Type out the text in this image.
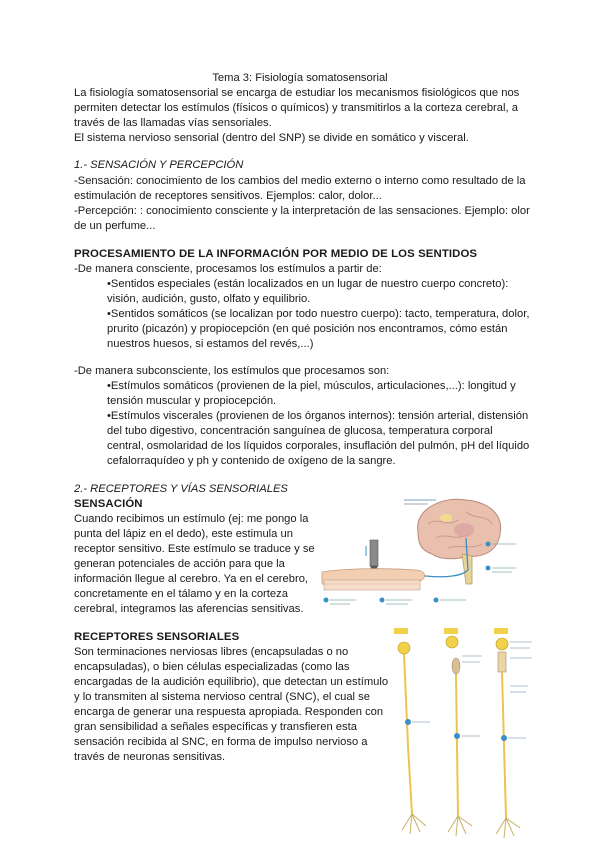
Tema 3: Fisiología somatosensorial
La fisiología somatosensorial se encarga de estudiar los mecanismos fisiológicos que nos
permiten detectar los estímulos (físicos o químicos) y transmitirlos a la corteza cerebral, a
través de las llamadas vías sensoriales.
El sistema nervioso sensorial (dentro del SNP) se divide en somático y visceral.
1.- SENSACIÓN Y PERCEPCIÓN
-Sensación: conocimiento de los cambios del medio externo o interno como resultado de la
estimulación de receptores sensitivos. Ejemplos: calor, dolor...
-Percepción: : conocimiento consciente y la interpretación de las sensaciones. Ejemplo: olor
de un perfume...
PROCESAMIENTO DE LA INFORMACIÓN POR MEDIO DE LOS SENTIDOS
-De manera consciente, procesamos los estímulos a partir de:
•Sentidos especiales (están localizados en un lugar de nuestro cuerpo concreto):
visión, audición, gusto, olfato y equilibrio.
•Sentidos somáticos (se localizan por todo nuestro cuerpo): tacto, temperatura, dolor,
prurito (picazón) y propiocepción (en qué posición nos encontramos, cómo están
nuestros huesos, si estamos del revés,...)
-De manera subconsciente, los estímulos que procesamos son:
•Estímulos somáticos (provienen de la piel, músculos, articulaciones,...): longitud y
tensión muscular y propiocepción.
•Estímulos viscerales (provienen de los órganos internos): tensión arterial, distensión
del tubo digestivo, concentración sanguínea de glucosa, temperatura corporal
central, osmolaridad de los líquidos corporales, insuflación del pulmón, pH del líquido
cefalorraquídeo y ph y contenido de oxígeno de la sangre.
2.- RECEPTORES Y VÍAS SENSORIALES
SENSACIÓN
Cuando recibimos un estímulo (ej: me pongo la
punta del lápiz en el dedo), este estimula un
receptor sensitivo. Este estímulo se traduce y se
generan potenciales de acción para que la
información llegue al cerebro. Ya en el cerebro,
concretamente en el tálamo y en la corteza
cerebral, integramos las aferencias sensitivas.
RECEPTORES SENSORIALES
Son terminaciones nerviosas libres (encapsuladas o no
encapsuladas), o bien células especializadas (como las
encargadas de la audición equilibrio), que detectan un estímulo
y lo transmiten al sistema nervioso central (SNC), el cual se
encarga de generar una respuesta apropiada. Responden con
gran sensibilidad a señales específicas y transfieren esta
sensación recibida al SNC, en forma de impulso nervioso a
través de neuronas sensitivas.
